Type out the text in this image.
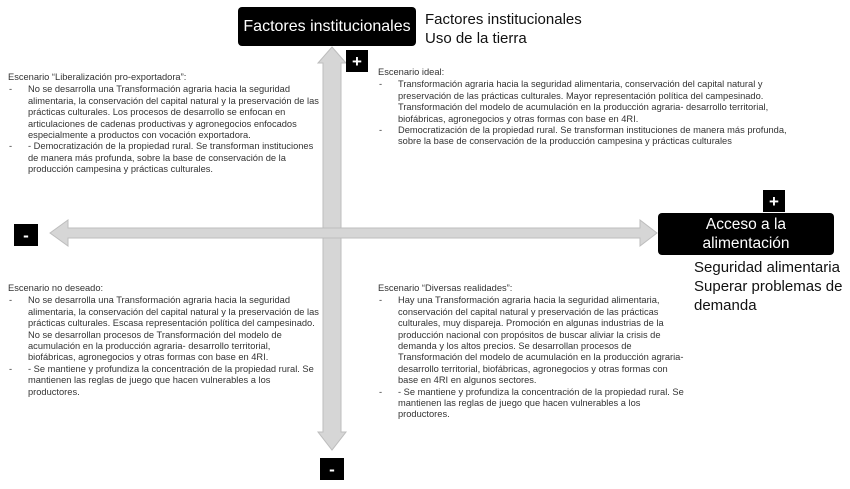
Factores institucionales
+
Factores institucionales
Uso de la tierra
+
Acceso a la alimentación
Seguridad alimentaria
Superar problemas de demanda
-
-
Escenario “Liberalización pro-exportadora”:
- No se desarrolla una Transformación agraria hacia la seguridad alimentaria, la conservación del capital natural y la preservación de las prácticas culturales. Los procesos de desarrollo se enfocan en articulaciones de cadenas productivas y agronegocios enfocados especialmente a productos con vocación exportadora.
- - Democratización de la propiedad rural. Se transforman instituciones de manera más profunda, sobre la base de conservación de la producción campesina y prácticas culturales.
Escenario ideal:
- Transformación agraria hacia la seguridad alimentaria, conservación del capital natural y preservación de las prácticas culturales. Mayor representación política del campesinado. Transformación del modelo de acumulación en la producción agraria- desarrollo territorial, biofábricas, agronegocios y otras formas con base en 4RI.
- Democratización de la propiedad rural. Se transforman instituciones de manera más profunda, sobre la base de conservación de la producción campesina y prácticas culturales
Escenario no deseado:
- No se desarrolla una Transformación agraria hacia la seguridad alimentaria, la conservación del capital natural y la preservación de las prácticas culturales. Escasa representación política del campesinado. No se desarrollan procesos de Transformación del modelo de acumulación en la producción agraria- desarrollo territorial, biofábricas, agronegocios y otras formas con base en 4RI.
- - Se mantiene y profundiza la concentración de la propiedad rural. Se mantienen las reglas de juego que hacen vulnerables a los productores.
Escenario “Diversas realidades”:
- Hay una Transformación agraria hacia la seguridad alimentaria, conservación del capital natural y preservación de las prácticas culturales, muy dispareja. Promoción en algunas industrias de la producción nacional con propósitos de buscar aliviar la crisis de demanda y los altos precios. Se desarrollan procesos de Transformación del modelo de acumulación en la producción agraria- desarrollo territorial, biofábricas, agronegocios y otras formas con base en 4RI en algunos sectores.
- - Se mantiene y profundiza la concentración de la propiedad rural. Se mantienen las reglas de juego que hacen vulnerables a los productores.
